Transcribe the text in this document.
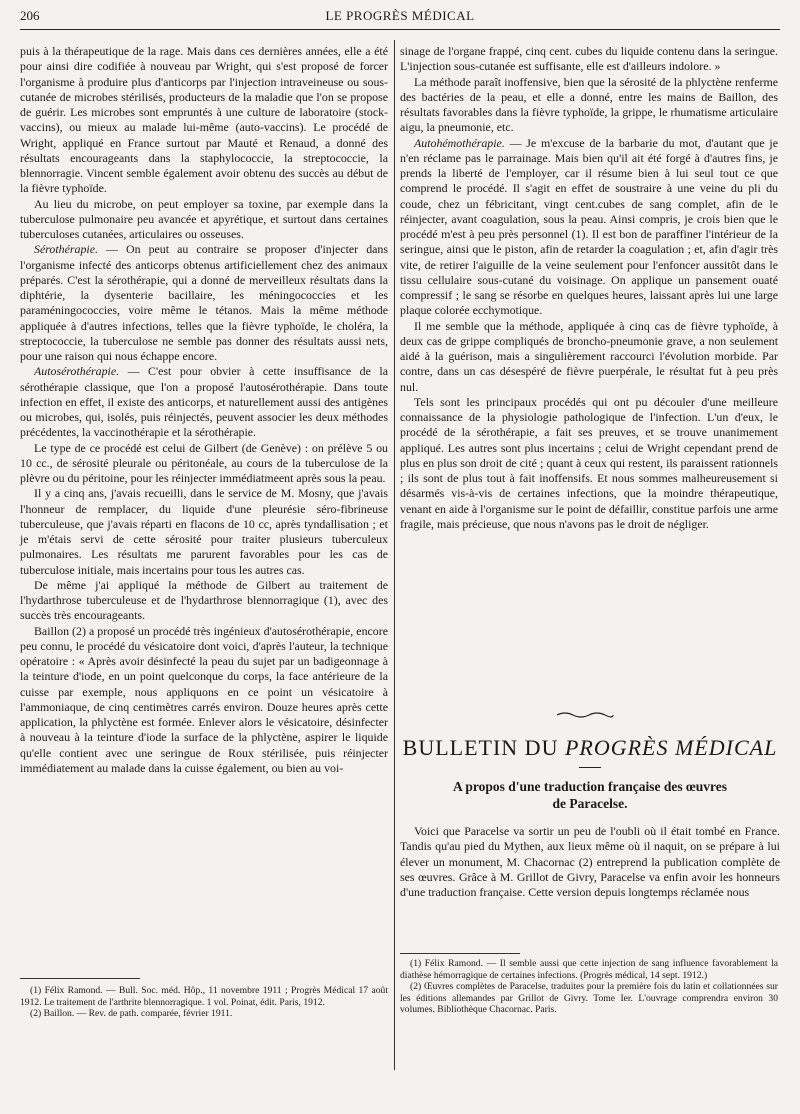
206	LE PROGRÈS MÉDICAL

puis à la thérapeutique de la rage. Mais dans ces dernières années, elle a été pour ainsi dire codifiée à nouveau par Wright, qui s'est proposé de forcer l'organisme à produire plus d'anticorps par l'injection intraveineuse ou sous-cutanée de microbes stérilisés, producteurs de la maladie que l'on se propose de guérir. Les microbes sont empruntés à une culture de laboratoire (stock-vaccins), ou mieux au malade lui-même (auto-vaccins). Le procédé de Wright, appliqué en France surtout par Mauté et Renaud, a donné des résultats encourageants dans la staphylococcie, la streptococcie, la blennorragie. Vincent semble également avoir obtenu des succès au début de la fièvre typhoïde.

Au lieu du microbe, on peut employer sa toxine, par exemple dans la tuberculose pulmonaire peu avancée et apyrétique, et surtout dans certaines tuberculoses cutanées, articulaires ou osseuses.

Sérothérapie. — On peut au contraire se proposer d'injecter dans l'organisme infecté des anticorps obtenus artificiellement chez des animaux préparés. C'est la sérothérapie, qui a donné de merveilleux résultats dans la diphtérie, la dysenterie bacillaire, les méningococcies et les paraméningococcies, voire même le tétanos. Mais la même méthode appliquée à d'autres infections, telles que la fièvre typhoïde, le choléra, la streptococcie, la tuberculose ne semble pas donner des résultats aussi nets, pour une raison qui nous échappe encore.

Autosérothérapie. — C'est pour obvier à cette insuffisance de la sérothérapie classique, que l'on a proposé l'autosérothérapie. Dans toute infection en effet, il existe des anticorps, et naturellement aussi des antigènes ou microbes, qui, isolés, puis réinjectés, peuvent associer les deux méthodes précédentes, la vaccinothérapie et la sérothérapie.

Le type de ce procédé est celui de Gilbert (de Genève) : on prélève 5 ou 10 cc., de sérosité pleurale ou péritonéale, au cours de la tuberculose de la plèvre ou du péritoine, pour les réinjecter immédiatmeent après sous la peau.

Il y a cinq ans, j'avais recueilli, dans le service de M. Mosny, que j'avais l'honneur de remplacer, du liquide d'une pleurésie séro-fibrineuse tuberculeuse, que j'avais réparti en flacons de 10 cc, après tyndallisation ; et je m'étais servi de cette sérosité pour traiter plusieurs tuberculeux pulmonaires. Les résultats me parurent favorables pour les cas de tuberculose initiale, mais incertains pour tous les autres cas.

De même j'ai appliqué la méthode de Gilbert au traitement de l'hydarthrose tuberculeuse et de l'hydarthrose blennorragique (1), avec des succès très encourageants.

Baillon (2) a proposé un procédé très ingénieux d'autosérothérapie, encore peu connu, le procédé du vésicatoire dont voici, d'après l'auteur, la technique opératoire : « Après avoir désinfecté la peau du sujet par un badigeonnage à la teinture d'iode, en un point quelconque du corps, la face antérieure de la cuisse par exemple, nous appliquons en ce point un vésicatoire à l'ammoniaque, de cinq centimètres carrés environ. Douze heures après cette application, la phlyctène est formée. Enlever alors le vésicatoire, désinfecter à nouveau à la teinture d'iode la surface de la phlyctène, aspirer le liquide qu'elle contient avec une seringue de Roux stérilisée, puis réinjecter immédiatement au malade dans la cuisse également, ou bien au voi-

(1) Félix Ramond. — Bull. Soc. méd. Hôp., 11 novembre 1911 ; Progrès Médical 17 août 1912. Le traitement de l'arthrite blennorragique. 1 vol. Poinat, édit. Paris, 1912.

(2) Baillon. — Rev. de path. comparée, février 1911.

sinage de l'organe frappé, cinq cent. cubes du liquide contenu dans la seringue. L'injection sous-cutanée est suffisante, elle est d'ailleurs indolore. »

La méthode paraît inoffensive, bien que la sérosité de la phlyctène renferme des bactéries de la peau, et elle a donné, entre les mains de Baillon, des résultats favorables dans la fièvre typhoïde, la grippe, le rhumatisme articulaire aigu, la pneumonie, etc.

Autohémothérapie. — Je m'excuse de la barbarie du mot, d'autant que je n'en réclame pas le parrainage. Mais bien qu'il ait été forgé à d'autres fins, je prends la liberté de l'employer, car il résume bien à lui seul tout ce que comprend le procédé. Il s'agit en effet de soustraire à une veine du pli du coude, chez un fébricitant, vingt cent.cubes de sang complet, afin de le réinjecter, avant coagulation, sous la peau. Ainsi compris, je crois bien que le procédé m'est à peu près personnel (1). Il est bon de paraffiner l'intérieur de la seringue, ainsi que le piston, afin de retarder la coagulation ; et, afin d'agir très vite, de retirer l'aiguille de la veine seulement pour l'enfoncer aussitôt dans le tissu cellulaire sous-cutané du voisinage. On applique un pansement ouaté compressif ; le sang se résorbe en quelques heures, laissant après lui une large plaque colorée ecchymotique.

Il me semble que la méthode, appliquée à cinq cas de fièvre typhoïde, à deux cas de grippe compliqués de broncho-pneumonie grave, a non seulement aidé à la guérison, mais a singulièrement raccourci l'évolution morbide. Par contre, dans un cas désespéré de fièvre puerpérale, le résultat fut à peu près nul.

Tels sont les principaux procédés qui ont pu découler d'une meilleure connaissance de la physiologie pathologique de l'infection. L'un d'eux, le procédé de la sérothérapie, a fait ses preuves, et se trouve unanimement appliqué. Les autres sont plus incertains ; celui de Wright cependant prend de plus en plus son droit de cité ; quant à ceux qui restent, ils paraissent rationnels ; ils sont de plus tout à fait inoffensifs. Et nous sommes malheureusement si désarmés vis-à-vis de certaines infections, que la moindre thérapeutique, venant en aide à l'organisme sur le point de défaillir, constitue parfois une arme fragile, mais précieuse, que nous n'avons pas le droit de négliger.

BULLETIN DU PROGRÈS MÉDICAL
A propos d'une traduction française des œuvres
de Paracelse.

Voici que Paracelse va sortir un peu de l'oubli où il était tombé en France. Tandis qu'au pied du Mythen, aux lieux même où il naquit, on se prépare à lui élever un monument, M. Chacornac (2) entreprend la publication complète de ses œuvres. Grâce à M. Grillot de Givry, Paracelse va enfin avoir les honneurs d'une traduction française. Cette version depuis longtemps réclamée nous

(1) Félix Ramond. — Il semble aussi que cette injection de sang influence favorablement la diathèse hémorragique de certaines infections. (Progrès médical, 14 sept. 1912.)

(2) Œuvres complètes de Paracelse, traduites pour la première fois du latin et collationnées sur les éditions allemandes par Grillot de Givry. Tome Ier. L'ouvrage comprendra environ 30 volumes. Bibliothèque Chacornac. Paris.
